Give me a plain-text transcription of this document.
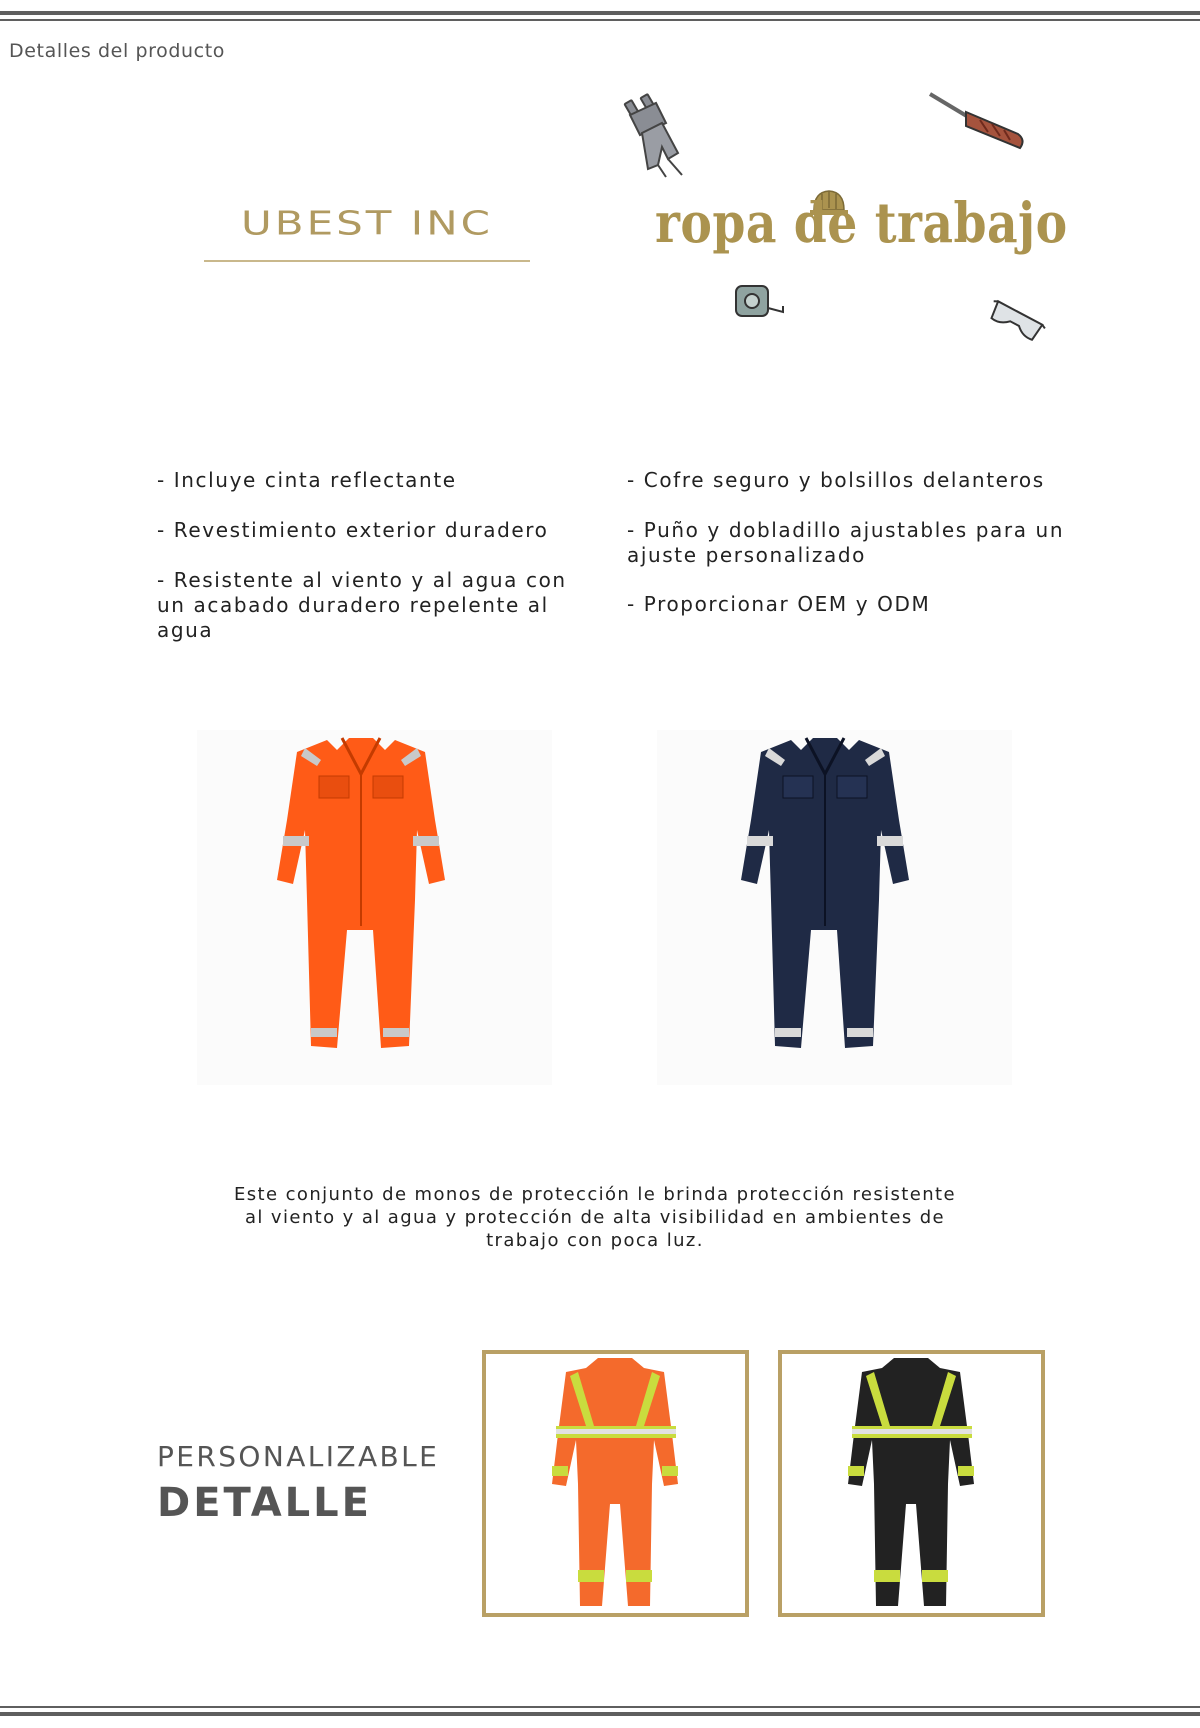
Detalles del producto
UBEST INC	ropa de trabajo
- Incluye cinta reflectante
- Revestimiento exterior duradero
- Resistente al viento y al agua con un acabado duradero repelente al agua
- Cofre seguro y bolsillos delanteros
- Puño y dobladillo ajustables para un ajuste personalizado
- Proporcionar OEM y ODM
Este conjunto de monos de protección le brinda protección resistente al viento y al agua y protección de alta visibilidad en ambientes de trabajo con poca luz.
PERSONALIZABLE
DETALLE
